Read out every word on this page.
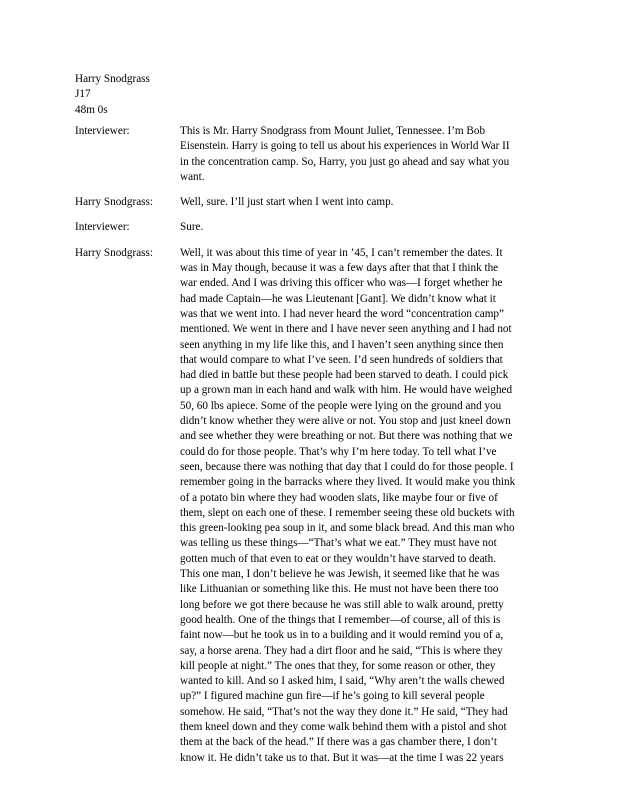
Harry Snodgrass
J17
48m 0s
Interviewer:	This is Mr. Harry Snodgrass from Mount Juliet, Tennessee. I’m Bob
Eisenstein. Harry is going to tell us about his experiences in World War II
in the concentration camp. So, Harry, you just go ahead and say what you
want.
Harry Snodgrass:	Well, sure. I’ll just start when I went into camp.
Interviewer:	Sure.
Harry Snodgrass:	Well, it was about this time of year in ’45, I can’t remember the dates. It
was in May though, because it was a few days after that that I think the
war ended. And I was driving this officer who was—I forget whether he
had made Captain—he was Lieutenant [Gant]. We didn’t know what it
was that we went into. I had never heard the word “concentration camp”
mentioned. We went in there and I have never seen anything and I had not
seen anything in my life like this, and I haven’t seen anything since then
that would compare to what I’ve seen. I’d seen hundreds of soldiers that
had died in battle but these people had been starved to death. I could pick
up a grown man in each hand and walk with him. He would have weighed
50, 60 lbs apiece. Some of the people were lying on the ground and you
didn’t know whether they were alive or not. You stop and just kneel down
and see whether they were breathing or not. But there was nothing that we
could do for those people. That’s why I’m here today. To tell what I’ve
seen, because there was nothing that day that I could do for those people. I
remember going in the barracks where they lived. It would make you think
of a potato bin where they had wooden slats, like maybe four or five of
them, slept on each one of these. I remember seeing these old buckets with
this green-looking pea soup in it, and some black bread. And this man who
was telling us these things—“That’s what we eat.” They must have not
gotten much of that even to eat or they wouldn’t have starved to death.
This one man, I don’t believe he was Jewish, it seemed like that he was
like Lithuanian or something like this. He must not have been there too
long before we got there because he was still able to walk around, pretty
good health. One of the things that I remember—of course, all of this is
faint now—but he took us in to a building and it would remind you of a,
say, a horse arena. They had a dirt floor and he said, “This is where they
kill people at night.” The ones that they, for some reason or other, they
wanted to kill. And so I asked him, I said, “Why aren’t the walls chewed
up?” I figured machine gun fire—if he’s going to kill several people
somehow. He said, “That’s not the way they done it.” He said, “They had
them kneel down and they come walk behind them with a pistol and shot
them at the back of the head.” If there was a gas chamber there, I don’t
know it. He didn’t take us to that. But it was—at the time I was 22 years
